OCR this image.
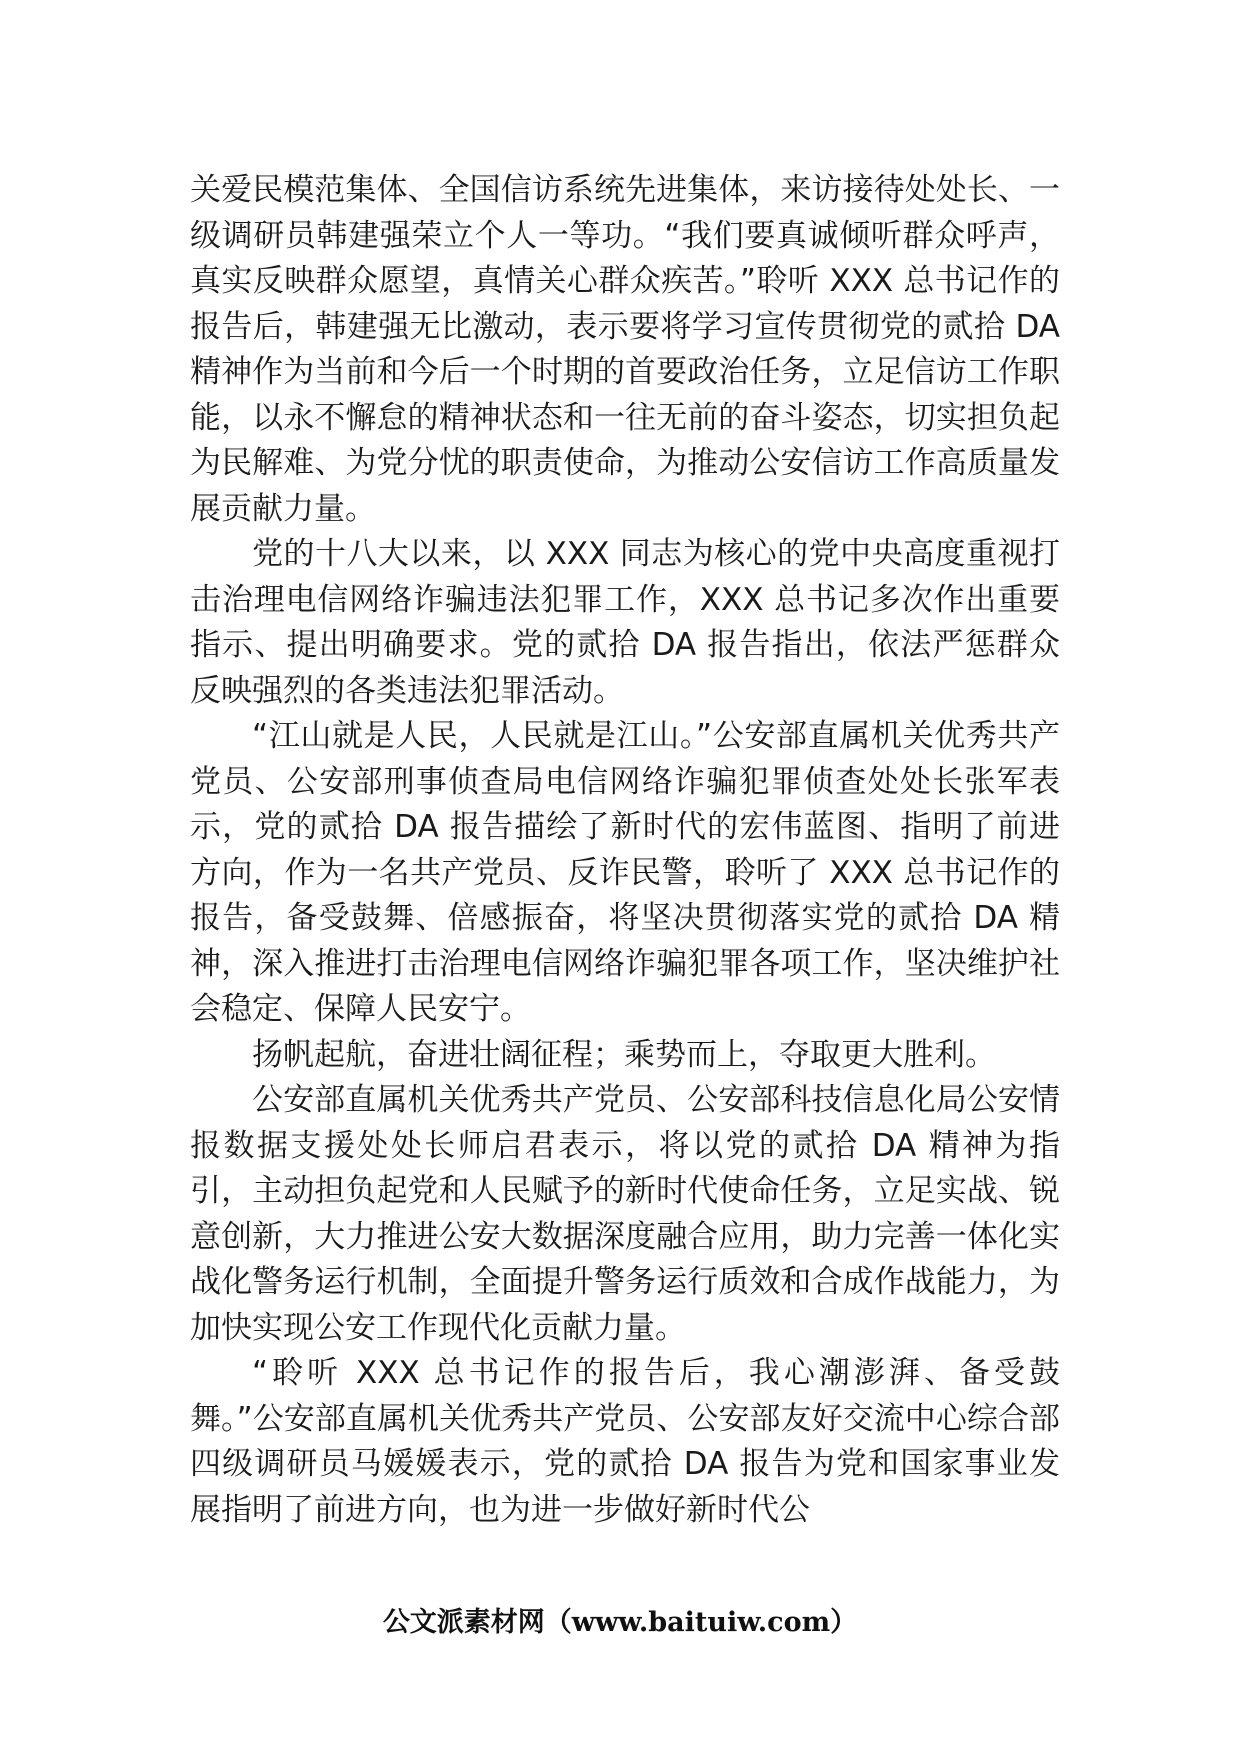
关爱民模范集体、全国信访系统先进集体，来访接待处处长、一级调研员韩建强荣立个人一等功。“我们要真诚倾听群众呼声，真实反映群众愿望，真情关心群众疾苦。”聆听 XXX 总书记作的报告后，韩建强无比激动，表示要将学习宣传贯彻党的贰拾 DA 精神作为当前和今后一个时期的首要政治任务，立足信访工作职能，以永不懈怠的精神状态和一往无前的奋斗姿态，切实担负起为民解难、为党分忧的职责使命，为推动公安信访工作高质量发展贡献力量。

党的十八大以来，以 XXX 同志为核心的党中央高度重视打击治理电信网络诈骗违法犯罪工作，XXX 总书记多次作出重要指示、提出明确要求。党的贰拾 DA 报告指出，依法严惩群众反映强烈的各类违法犯罪活动。

“江山就是人民，人民就是江山。”公安部直属机关优秀共产党员、公安部刑事侦查局电信网络诈骗犯罪侦查处处长张军表示，党的贰拾 DA 报告描绘了新时代的宏伟蓝图、指明了前进方向，作为一名共产党员、反诈民警，聆听了 XXX 总书记作的报告，备受鼓舞、倍感振奋，将坚决贯彻落实党的贰拾 DA 精神，深入推进打击治理电信网络诈骗犯罪各项工作，坚决维护社会稳定、保障人民安宁。

扬帆起航，奋进壮阔征程；乘势而上，夺取更大胜利。

公安部直属机关优秀共产党员、公安部科技信息化局公安情报数据支援处处长师启君表示，将以党的贰拾 DA 精神为指引，主动担负起党和人民赋予的新时代使命任务，立足实战、锐意创新，大力推进公安大数据深度融合应用，助力完善一体化实战化警务运行机制，全面提升警务运行质效和合成作战能力，为加快实现公安工作现代化贡献力量。

“聆听 XXX 总书记作的报告后，我心潮澎湃、备受鼓舞。”公安部直属机关优秀共产党员、公安部友好交流中心综合部四级调研员马媛媛表示，党的贰拾 DA 报告为党和国家事业发展指明了前进方向，也为进一步做好新时代公

公文派素材网（www.baituiw.com）
